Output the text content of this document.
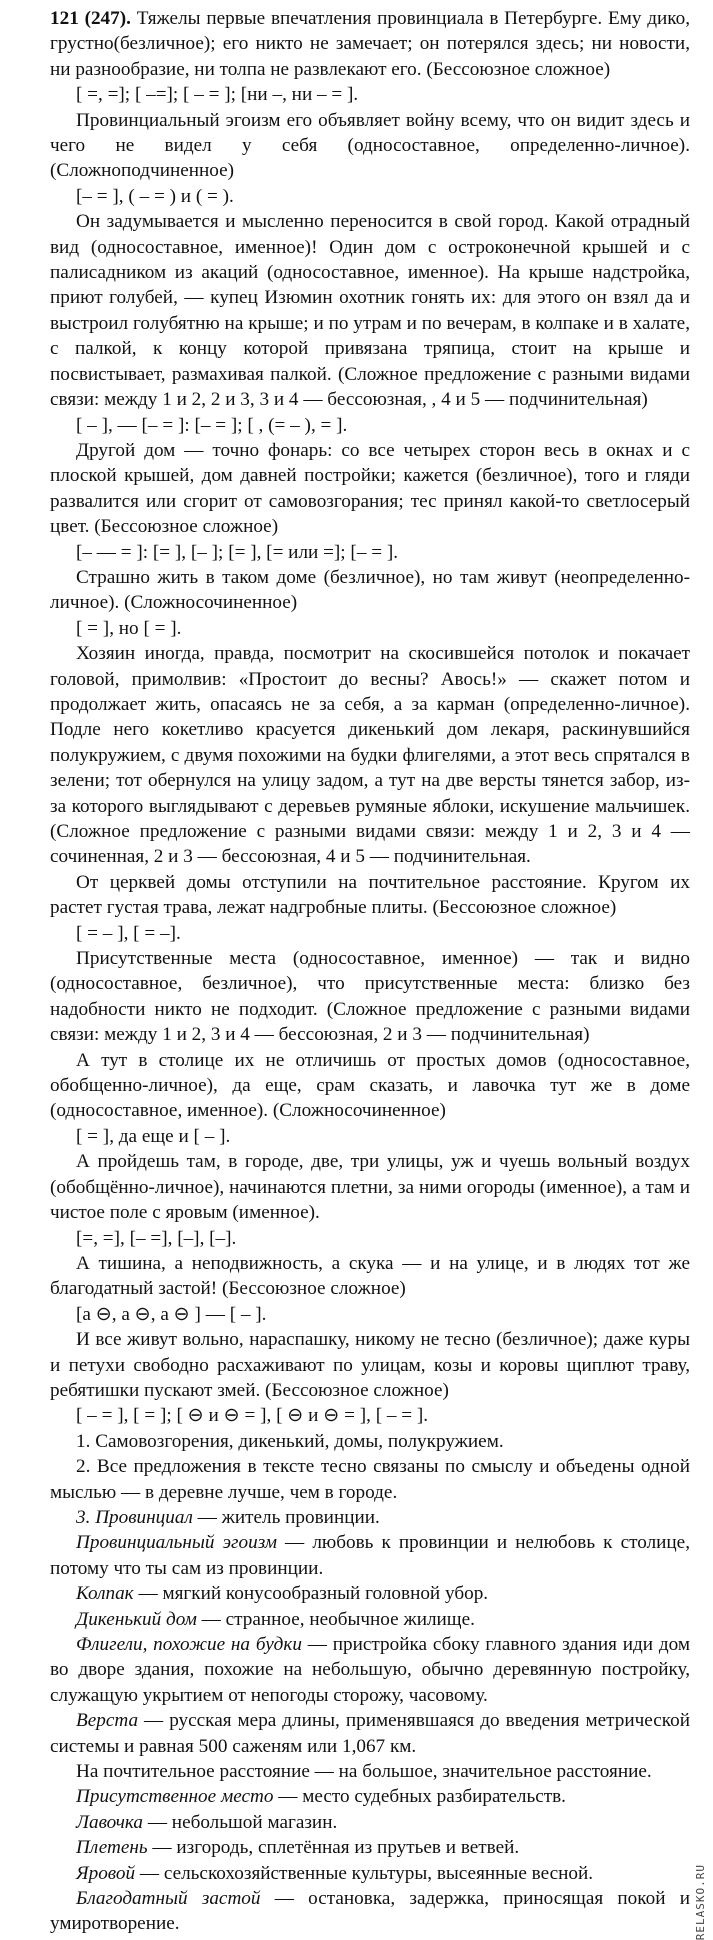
121 (247). Тяжелы первые впечатления провинциала в Петербурге. Ему дико, грустно(безличное); его никто не замечает; он потерялся здесь; ни новости, ни разнообразие, ни толпа не развлекают его. (Бессоюзное сложное)

[ =, =]; [ –=]; [ – = ]; [ни –, ни – = ].

Провинциальный эгоизм его объявляет войну всему, что он видит здесь и чего не видел у себя (односоставное, определенно-личное). (Сложноподчиненное)

[– = ], ( – = ) и ( = ).

Он задумывается и мысленно переносится в свой город. Какой отрадный вид (односоставное, именное)! Один дом с остроконечной крышей и с палисадником из акаций (односоставное, именное). На крыше надстройка, приют голубей, — купец Изюмин охотник гонять их: для этого он взял да и выстроил голубятню на крыше; и по утрам и по вечерам, в колпаке и в халате, с палкой, к концу которой привязана тряпица, стоит на крыше и посвистывает, размахивая палкой. (Сложное предложение с разными видами связи: между 1 и 2, 2 и 3, 3 и 4 — бессоюзная, , 4 и 5 — подчинительная)

[ – ], — [– = ]: [– = ]; [ , (= – ), = ].

Другой дом — точно фонарь: со все четырех сторон весь в окнах и с плоской крышей, дом давней постройки; кажется (безличное), того и гляди развалится или сгорит от самовозгорания; тес принял какой-то светлосерый цвет. (Бессоюзное сложное)

[– — = ]: [= ], [– ]; [= ], [= или =]; [– = ].

Страшно жить в таком доме (безличное), но там живут (неопределенно-личное). (Сложносочиненное)

[ = ], но [ = ].

Хозяин иногда, правда, посмотрит на скосившейся потолок и покачает головой, примолвив: «Простоит до весны? Авось!» — скажет потом и продолжает жить, опасаясь не за себя, а за карман (определенно-личное). Подле него кокетливо красуется дикенький дом лекаря, раскинувшийся полукружием, с двумя похожими на будки флигелями, а этот весь спрятался в зелени; тот обернулся на улицу задом, а тут на две версты тянется забор, из-за которого выглядывают с деревьев румяные яблоки, искушение мальчишек. (Сложное предложение с разными видами связи: между 1 и 2, 3 и 4 — сочиненная, 2 и 3 — бессоюзная, 4 и 5 — подчинительная.

От церквей домы отступили на почтительное расстояние. Кругом их растет густая трава, лежат надгробные плиты. (Бессоюзное сложное)

[ = – ], [ = –].

Присутственные места (односоставное, именное) — так и видно (односоставное, безличное), что присутственные места: близко без надобности никто не подходит. (Сложное предложение с разными видами связи: между 1 и 2, 3 и 4 — бессоюзная, 2 и 3 — подчинительная)

А тут в столице их не отличишь от простых домов (односоставное, обобщенно-личное), да еще, срам сказать, и лавочка тут же в доме (односоставное, именное). (Сложносочиненное)

[ = ], да еще и [ – ].

А пройдешь там, в городе, две, три улицы, уж и чуешь вольный воздух (обобщённо-личное), начинаются плетни, за ними огороды (именное), а там и чистое поле с яровым (именное).

[=, =], [– =], [–], [–].

А тишина, а неподвижность, а скука — и на улице, и в людях тот же благодатный застой! (Бессоюзное сложное)

[a ⊖, a ⊖, a ⊖ ] — [ – ].

И все живут вольно, нараспашку, никому не тесно (безличное); даже куры и петухи свободно расхаживают по улицам, козы и коровы щиплют траву, ребятишки пускают змей. (Бессоюзное сложное)

[ – = ], [ = ]; [ ⊖ и ⊖ = ], [ ⊖ и ⊖ = ], [ – = ].

1. Самовозгорения, дикенький, домы, полукружием.

2. Все предложения в тексте тесно связаны по смыслу и объедены одной мыслью — в деревне лучше, чем в городе.

3. Провинциал — житель провинции.

Провинциальный эгоизм — любовь к провинции и нелюбовь к столице, потому что ты сам из провинции.

Колпак — мягкий конусообразный головной убор.

Дикенький дом — странное, необычное жилище.

Флигели, похожие на будки — пристройка сбоку главного здания иди дом во дворе здания, похожие на небольшую, обычно деревянную постройку, служащую укрытием от непогоды сторожу, часовому.

Верста — русская мера длины, применявшаяся до введения метрической системы и равная 500 саженям или 1,067 км.

На почтительное расстояние — на большое, значительное расстояние.

Присутственное место — место судебных разбирательств.

Лавочка — небольшой магазин.

Плетень — изгородь, сплетённая из прутьев и ветвей.

Яровой — сельскохозяйственные культуры, высеянные весной.

Благодатный застой — остановка, задержка, приносящая покой и умиротворение.	RELASKO.RU
